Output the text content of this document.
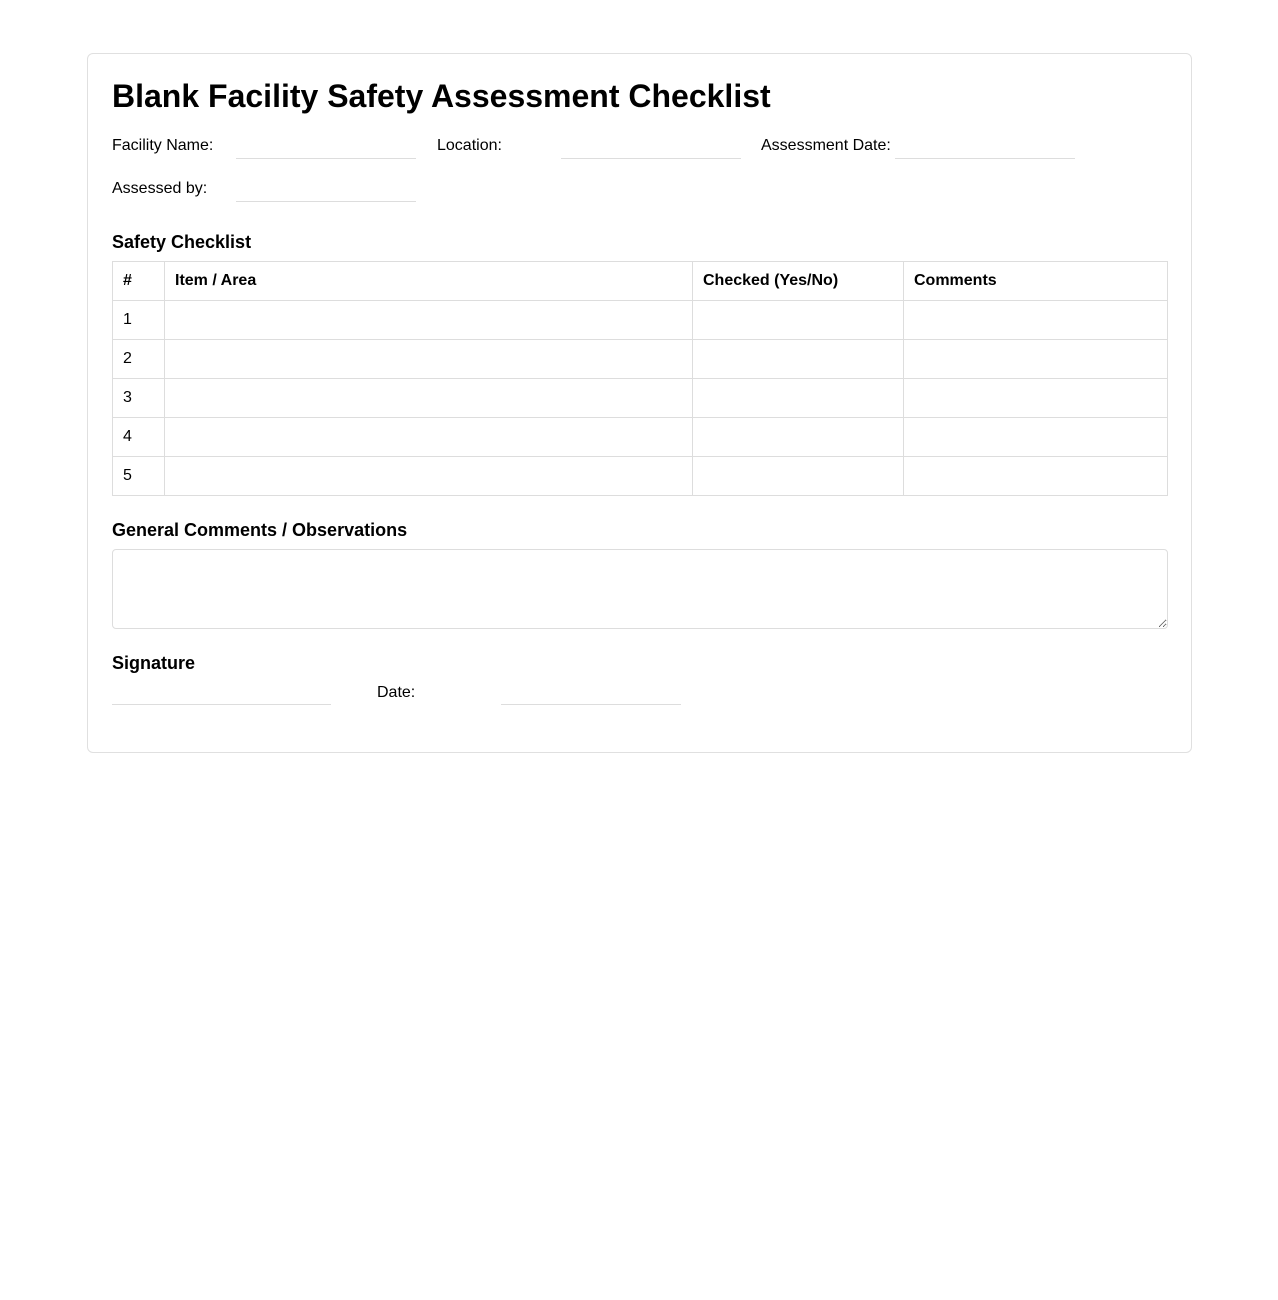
Blank Facility Safety Assessment Checklist
Facility Name:	Location:	Assessment Date:
Assessed by:
Safety Checklist
#	Item / Area	Checked (Yes/No)	Comments
1			
2			
3			
4			
5			
General Comments / Observations
Signature
Date:
